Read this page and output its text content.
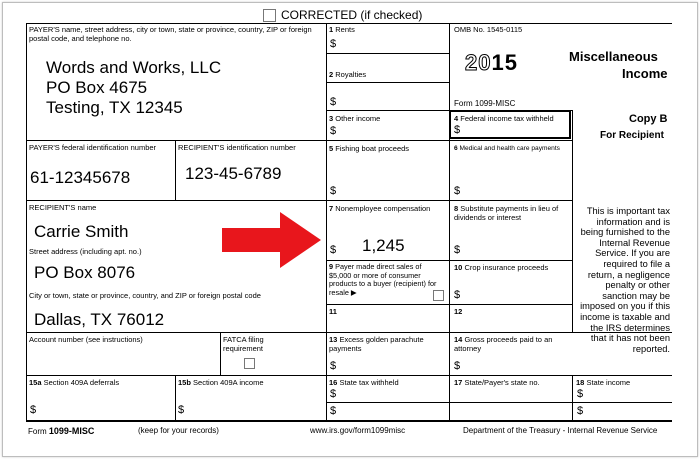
CORRECTED (if checked)
PAYER'S name, street address, city or town, state or province, country, ZIP or foreign postal code, and telephone no.
Words and Works, LLC
PO Box 4675
Testing, TX 12345
PAYER'S federal identification number
61-12345678
RECIPIENT'S identification number
123-45-6789
RECIPIENT'S name
Carrie Smith
Street address (including apt. no.)
PO Box 8076
City or town, state or province, country, and ZIP or foreign postal code
Dallas, TX 76012
Account number (see instructions)	FATCA filing requirement
1 Rents
$
2 Royalties
$
OMB No. 1545-0115
2015
Form 1099-MISC
Miscellaneous
Income
3 Other income
$
4 Federal income tax withheld
$
Copy B
For Recipient
5 Fishing boat proceeds
$
6 Medical and health care payments
$
7 Nonemployee compensation
$ 1,245
8 Substitute payments in lieu of dividends or interest
$
This is important tax information and is being furnished to the Internal Revenue Service. If you are required to file a return, a negligence penalty or other sanction may be imposed on you if this income is taxable and the IRS determines that it has not been reported.
9 Payer made direct sales of $5,000 or more of consumer products to a buyer (recipient) for resale ▶
10 Crop insurance proceeds
$
11	12
13 Excess golden parachute payments
$
14 Gross proceeds paid to an attorney
$
15a Section 409A deferrals
$
15b Section 409A income
$
16 State tax withheld
$
$
17 State/Payer's state no.	18 State income
$
$
Form 1099-MISC	(keep for your records)	www.irs.gov/form1099misc	Department of the Treasury - Internal Revenue Service
